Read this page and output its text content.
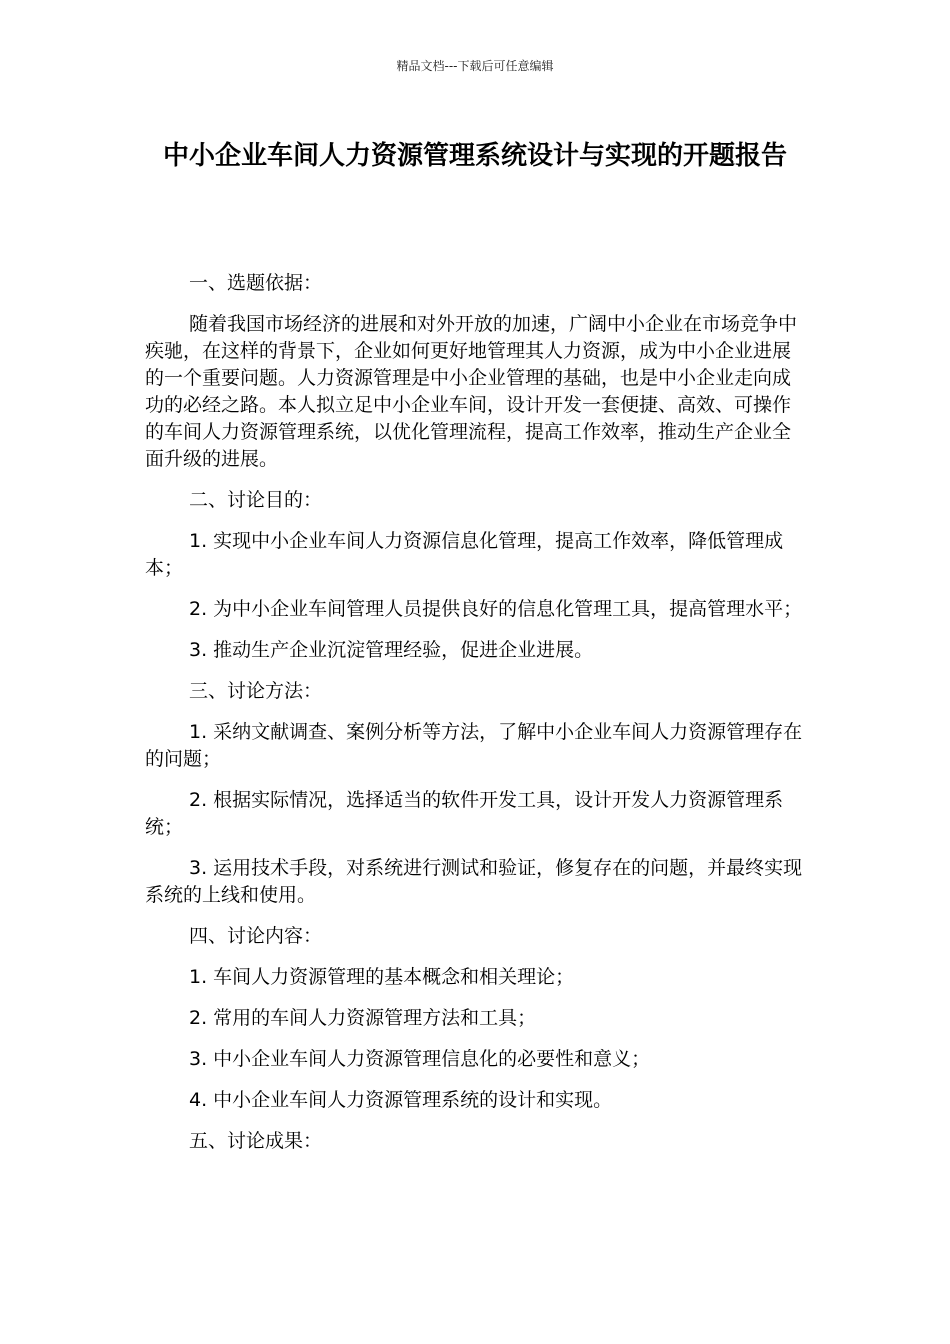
精品文档---下载后可任意编辑
中小企业车间人力资源管理系统设计与实现的开题报告

一、选题依据：

随着我国市场经济的进展和对外开放的加速，广阔中小企业在市场竞争中疾驰，在这样的背景下，企业如何更好地管理其人力资源，成为中小企业进展的一个重要问题。人力资源管理是中小企业管理的基础，也是中小企业走向成功的必经之路。本人拟立足中小企业车间，设计开发一套便捷、高效、可操作的车间人力资源管理系统，以优化管理流程，提高工作效率，推动生产企业全面升级的进展。

二、讨论目的：

1. 实现中小企业车间人力资源信息化管理，提高工作效率，降低管理成本；

2. 为中小企业车间管理人员提供良好的信息化管理工具，提高管理水平；

3. 推动生产企业沉淀管理经验，促进企业进展。

三、讨论方法：

1. 采纳文献调查、案例分析等方法，了解中小企业车间人力资源管理存在的问题；

2. 根据实际情况，选择适当的软件开发工具，设计开发人力资源管理系统；

3. 运用技术手段，对系统进行测试和验证，修复存在的问题，并最终实现系统的上线和使用。

四、讨论内容：

1. 车间人力资源管理的基本概念和相关理论；

2. 常用的车间人力资源管理方法和工具；

3. 中小企业车间人力资源管理信息化的必要性和意义；

4. 中小企业车间人力资源管理系统的设计和实现。

五、讨论成果：
